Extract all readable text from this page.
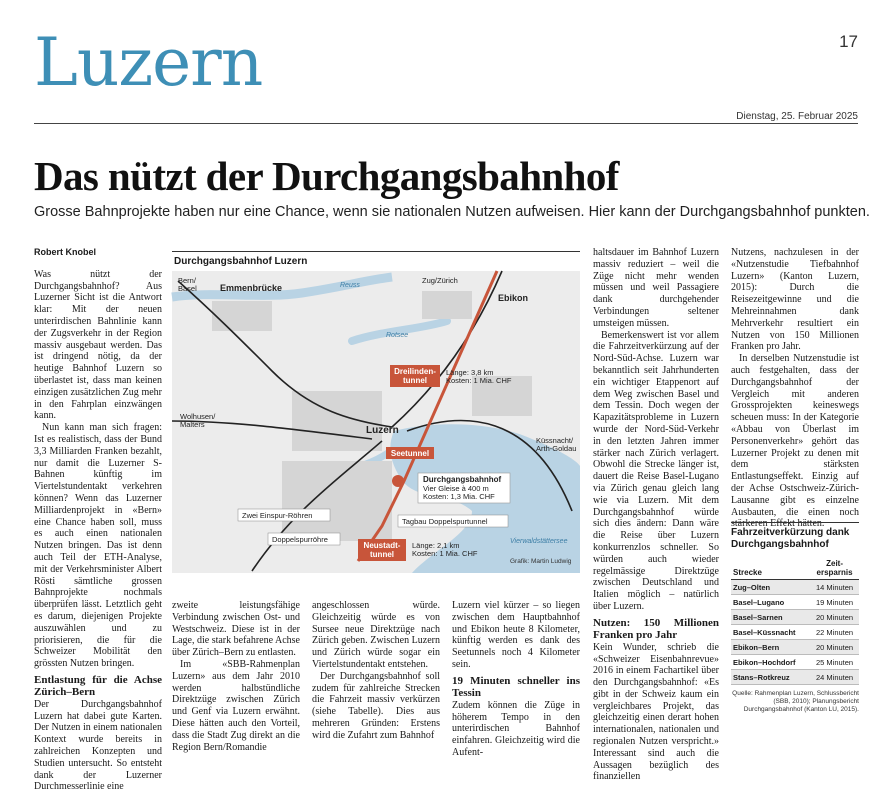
Luzern	17
Dienstag, 25. Februar 2025
Das nützt der Durchgangsbahnhof
Grosse Bahnprojekte haben nur eine Chance, wenn sie nationalen Nutzen aufweisen. Hier kann der Durchgangsbahnhof punkten.
Robert Knobel

Was nützt der Durchgangsbahnhof? Aus Luzerner Sicht ist die Antwort klar: Mit der neuen unterirdischen Bahnlinie kann der Zugsverkehr in der Region massiv ausgebaut werden. Das ist dringend nötig, da der heutige Bahnhof Luzern so überlastet ist, dass man keinen einzigen zusätzlichen Zug mehr in den Fahrplan einzwängen kann.

Nun kann man sich fragen: Ist es realistisch, dass der Bund 3,3 Milliarden Franken bezahlt, nur damit die Luzerner S-Bahnen künftig im Viertelstundentakt verkehren können? Wenn das Luzerner Milliardenprojekt in «Bern» eine Chance haben soll, muss es auch einen nationalen Nutzen bringen. Das ist denn auch Teil der ETH-Analyse, mit der Verkehrsminister Albert Rösti sämtliche grossen Bahnprojekte nochmals überprüfen lässt. Letztlich geht es darum, diejenigen Projekte auszuwählen und zu priorisieren, die für die Schweizer Mobilität den grössten Nutzen bringen.

Entlastung für die Achse Zürich–Bern

Der Durchgangsbahnhof Luzern hat dabei gute Karten. Der Nutzen in einem nationalen Kontext wurde bereits in zahlreichen Konzepten und Studien untersucht. So entsteht dank der Luzerner Durchmesserlinie eine

Durchgangsbahnhof Luzern
Bern/ Basel	Emmenbrücke	Reuss
Zug/Zürich
Ebikon
Rotsee
Wolhusen/ Malters
Luzern
Küssnacht/ Arth-Goldau
Vierwaldstättersee
Dreilinden-tunnel
Länge: 3,8 km Kosten: 1 Mia. CHF
Seetunnel
Durchgangsbahnhof
Vier Gleise à 400 m Kosten: 1,3 Mia. CHF
Zwei Einspur-Röhren
Doppelspurröhre
Tagbau Doppelspurtunnel
Neustadt-tunnel
Länge: 2,1 km Kosten: 1 Mia. CHF
Grafik: Martin Ludwig

zweite leistungsfähige Verbindung zwischen Ost- und Westschweiz. Diese ist in der Lage, die stark befahrene Achse über Zürich–Bern zu entlasten.

Im «SBB-Rahmenplan Luzern» aus dem Jahr 2010 werden halbstündliche Direktzüge zwischen Zürich und Genf via Luzern erwähnt. Diese hätten auch den Vorteil, dass die Stadt Zug direkt an die Region Bern/Romandie

angeschlossen würde. Gleichzeitig würde es von Sursee neue Direktzüge nach Zürich geben. Zwischen Luzern und Zürich würde sogar ein Viertelstundentakt entstehen.

Der Durchgangsbahnhof soll zudem für zahlreiche Strecken die Fahrzeit massiv verkürzen (siehe Tabelle). Dies aus mehreren Gründen: Erstens wird die Zufahrt zum Bahnhof

Luzern viel kürzer – so liegen zwischen dem Hauptbahnhof und Ebikon heute 8 Kilometer, künftig werden es dank des Seetunnels noch 4 Kilometer sein.

19 Minuten schneller ins Tessin

Zudem können die Züge in höherem Tempo in den unterirdischen Bahnhof einfahren. Gleichzeitig wird die Aufent-

haltsdauer im Bahnhof Luzern massiv reduziert – weil die Züge nicht mehr wenden müssen und weil Passagiere dank durchgehender Verbindungen seltener umsteigen müssen.

Bemerkenswert ist vor allem die Fahrzeitverkürzung auf der Nord-Süd-Achse. Luzern war bekanntlich seit Jahrhunderten ein wichtiger Etappenort auf dem Weg zwischen Basel und dem Tessin. Doch wegen der Kapazitätsprobleme in Luzern wurde der Nord-Süd-Verkehr in den letzten Jahren immer stärker nach Zürich verlagert. Obwohl die Strecke länger ist, dauert die Reise Basel-Lugano via Zürich genau gleich lang wie via Luzern. Mit dem Durchgangsbahnhof würde sich dies ändern: Dann wäre die Reise über Luzern konkurrenzlos schneller. So würden auch wieder regelmässige Direktzüge zwischen Deutschland und Italien möglich – natürlich über Luzern.

Nutzen: 150 Millionen Franken pro Jahr

Kein Wunder, schrieb die «Schweizer Eisenbahnrevue» 2016 in einem Fachartikel über den Durchgangsbahnhof: «Es gibt in der Schweiz kaum ein vergleichbares Projekt, das gleichzeitig einen derart hohen internationalen, nationalen und regionalen Nutzen verspricht.» Interessant sind auch die Aussagen bezüglich des finanziellen

Nutzens, nachzulesen in der «Nutzenstudie Tiefbahnhof Luzern» (Kanton Luzern, 2015): Durch die Reisezeitgewinne und die Mehreinnahmen dank Mehrverkehr resultiert ein Nutzen von 150 Millionen Franken pro Jahr.

In derselben Nutzenstudie ist auch festgehalten, dass der Durchgangsbahnhof der Vergleich mit anderen Grossprojekten keineswegs scheuen muss: In der Kategorie «Abbau von Überlast im Personenverkehr» gehört das Luzerner Projekt zu denen mit dem stärksten Entlastungseffekt. Einzig auf der Achse Ostschweiz-Zürich-Lausanne gibt es einzelne Ausbauten, die einen noch stärkeren Effekt hätten.

Fahrzeitverkürzung dank Durchgangsbahnhof
Strecke	Zeit-
ersparnis
Zug–Olten	14 Minuten
Basel–Lugano	19 Minuten
Basel–Sarnen	20 Minuten
Basel–Küssnacht	22 Minuten
Ebikon–Bern	20 Minuten
Ebikon–Hochdorf	25 Minuten
Stans–Rotkreuz	24 Minuten
Quelle: Rahmenplan Luzern, Schlussbericht (SBB, 2010); Planungsbericht Durchgangsbahnhof (Kanton LU, 2015).
